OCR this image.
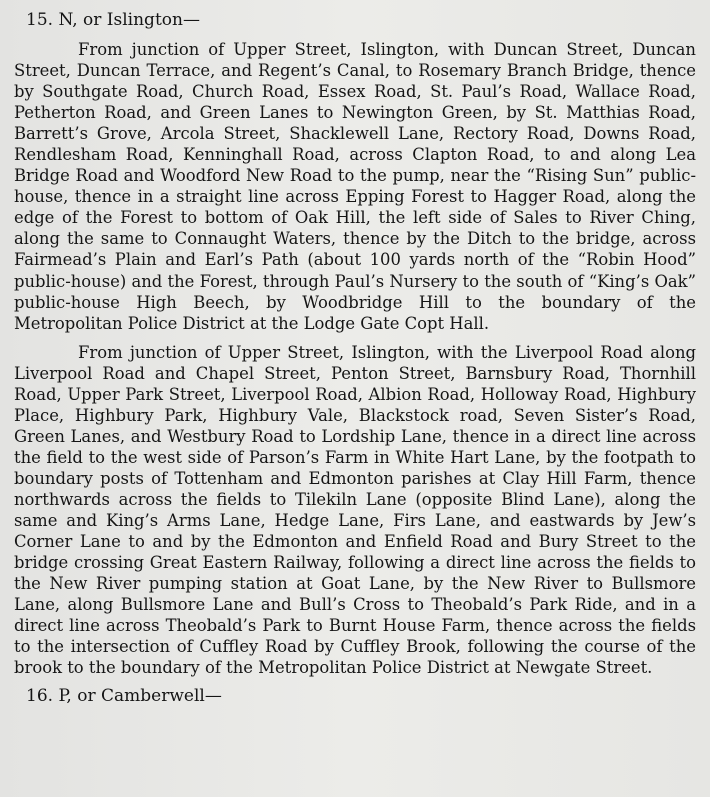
15. N, or Islington—

From junction of Upper Street, Islington, with Duncan Street, Duncan Street, Duncan Terrace, and Regent’s Canal, to Rosemary Branch Bridge, thence by Southgate Road, Church Road, Essex Road, St. Paul’s Road, Wallace Road, Petherton Road, and Green Lanes to Newington Green, by St. Matthias Road, Barrett’s Grove, Arcola Street, Shacklewell Lane, Rectory Road, Downs Road, Rendlesham Road, Kenninghall Road, across Clapton Road, to and along Lea Bridge Road and Woodford New Road to the pump, near the “Rising Sun” public-house, thence in a straight line across Epping Forest to Hagger Road, along the edge of the Forest to bottom of Oak Hill, the left side of Sales to River Ching, along the same to Connaught Waters, thence by the Ditch to the bridge, across Fairmead’s Plain and Earl’s Path (about 100 yards north of the “Robin Hood” public-house) and the Forest, through Paul’s Nursery to the south of “King’s Oak” public-house High Beech, by Woodbridge Hill to the boundary of the Metropolitan Police District at the Lodge Gate Copt Hall.

From junction of Upper Street, Islington, with the Liverpool Road along Liverpool Road and Chapel Street, Penton Street, Barnsbury Road, Thornhill Road, Upper Park Street, Liverpool Road, Albion Road, Holloway Road, Highbury Place, Highbury Park, Highbury Vale, Blackstock road, Seven Sister’s Road, Green Lanes, and Westbury Road to Lordship Lane, thence in a direct line across the field to the west side of Parson’s Farm in White Hart Lane, by the footpath to boundary posts of Tottenham and Edmonton parishes at Clay Hill Farm, thence northwards across the fields to Tilekiln Lane (opposite Blind Lane), along the same and King’s Arms Lane, Hedge Lane, Firs Lane, and eastwards by Jew’s Corner Lane to and by the Edmonton and Enfield Road and Bury Street to the bridge crossing Great Eastern Railway, following a direct line across the fields to the New River pumping station at Goat Lane, by the New River to Bullsmore Lane, along Bullsmore Lane and Bull’s Cross to Theobald’s Park Ride, and in a direct line across Theobald’s Park to Burnt House Farm, thence across the fields to the intersection of Cuffley Road by Cuffley Brook, following the course of the brook to the boundary of the Metropolitan Police District at Newgate Street.

16. P, or Camberwell—
